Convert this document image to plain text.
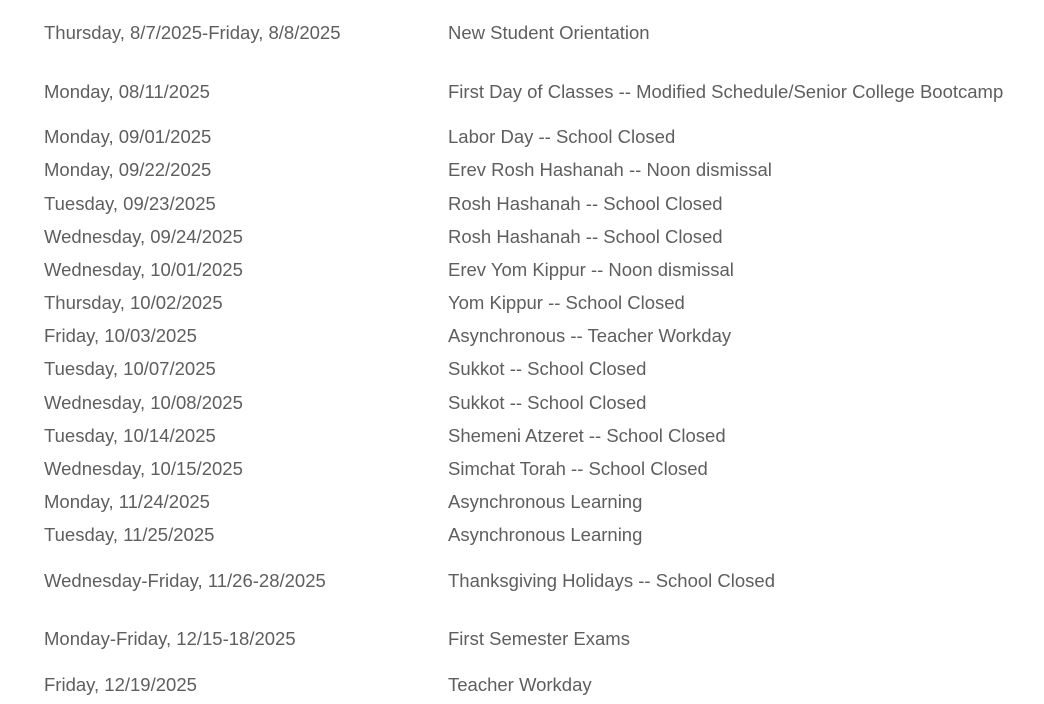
Thursday, 8/7/2025-Friday, 8/8/2025	New Student Orientation
Monday, 08/11/2025	First Day of Classes -- Modified Schedule/Senior College Bootcamp
Monday, 09/01/2025	Labor Day -- School Closed
Monday, 09/22/2025	Erev Rosh Hashanah -- Noon dismissal
Tuesday, 09/23/2025	Rosh Hashanah -- School Closed
Wednesday, 09/24/2025	Rosh Hashanah -- School Closed
Wednesday, 10/01/2025	Erev Yom Kippur -- Noon dismissal
Thursday, 10/02/2025	Yom Kippur -- School Closed
Friday, 10/03/2025	Asynchronous -- Teacher Workday
Tuesday, 10/07/2025	Sukkot -- School Closed
Wednesday, 10/08/2025	Sukkot -- School Closed
Tuesday, 10/14/2025	Shemeni Atzeret -- School Closed
Wednesday, 10/15/2025	Simchat Torah -- School Closed
Monday, 11/24/2025	Asynchronous Learning
Tuesday, 11/25/2025	Asynchronous Learning
Wednesday-Friday, 11/26-28/2025	Thanksgiving Holidays -- School Closed
Monday-Friday, 12/15-18/2025	First Semester Exams
Friday, 12/19/2025	Teacher Workday
